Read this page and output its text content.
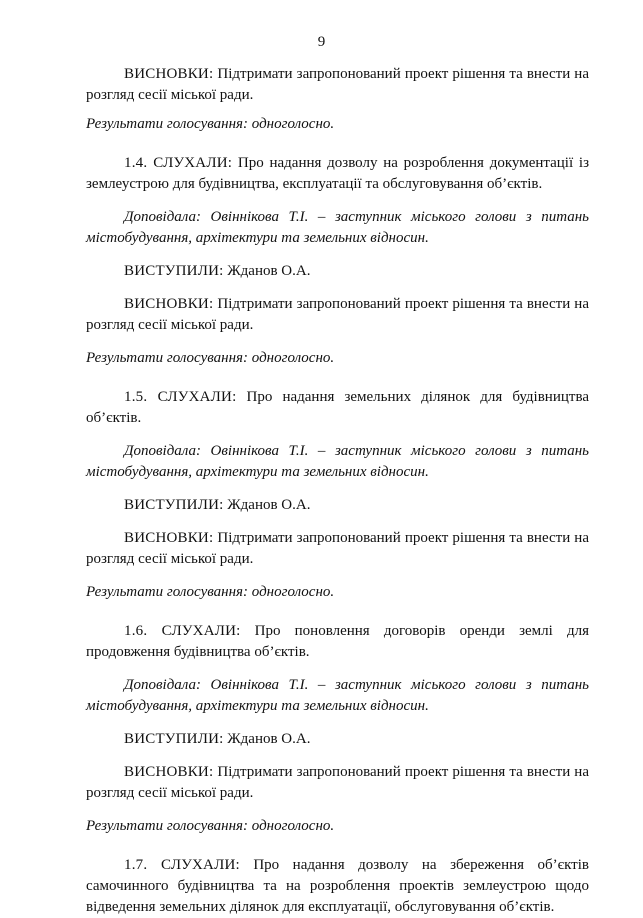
9

ВИСНОВКИ: Підтримати запропонований проект рішення та внести на розгляд сесії міської ради.

Результати голосування: одноголосно.

1.4. СЛУХАЛИ: Про надання дозволу на розроблення документації із землеустрою для будівництва, експлуатації та обслуговування об’єктів.

Доповідала: Овіннікова Т.І. – заступник міського голови з питань містобудування, архітектури та земельних відносин.

ВИСТУПИЛИ: Жданов О.А.

ВИСНОВКИ: Підтримати запропонований проект рішення та внести на розгляд сесії міської ради.

Результати голосування: одноголосно.

1.5. СЛУХАЛИ: Про надання земельних ділянок для будівництва об’єктів.

Доповідала: Овіннікова Т.І. – заступник міського голови з питань містобудування, архітектури та земельних відносин.

ВИСТУПИЛИ: Жданов О.А.

ВИСНОВКИ: Підтримати запропонований проект рішення та внести на розгляд сесії міської ради.

Результати голосування: одноголосно.

1.6. СЛУХАЛИ: Про поновлення договорів оренди землі для продовження будівництва об’єктів.

Доповідала: Овіннікова Т.І. – заступник міського голови з питань містобудування, архітектури та земельних відносин.

ВИСТУПИЛИ: Жданов О.А.

ВИСНОВКИ: Підтримати запропонований проект рішення та внести на розгляд сесії міської ради.

Результати голосування: одноголосно.

1.7. СЛУХАЛИ: Про надання дозволу на збереження об’єктів самочинного будівництва та на розроблення проектів землеустрою щодо відведення земельних ділянок для експлуатації, обслуговування об’єктів.
